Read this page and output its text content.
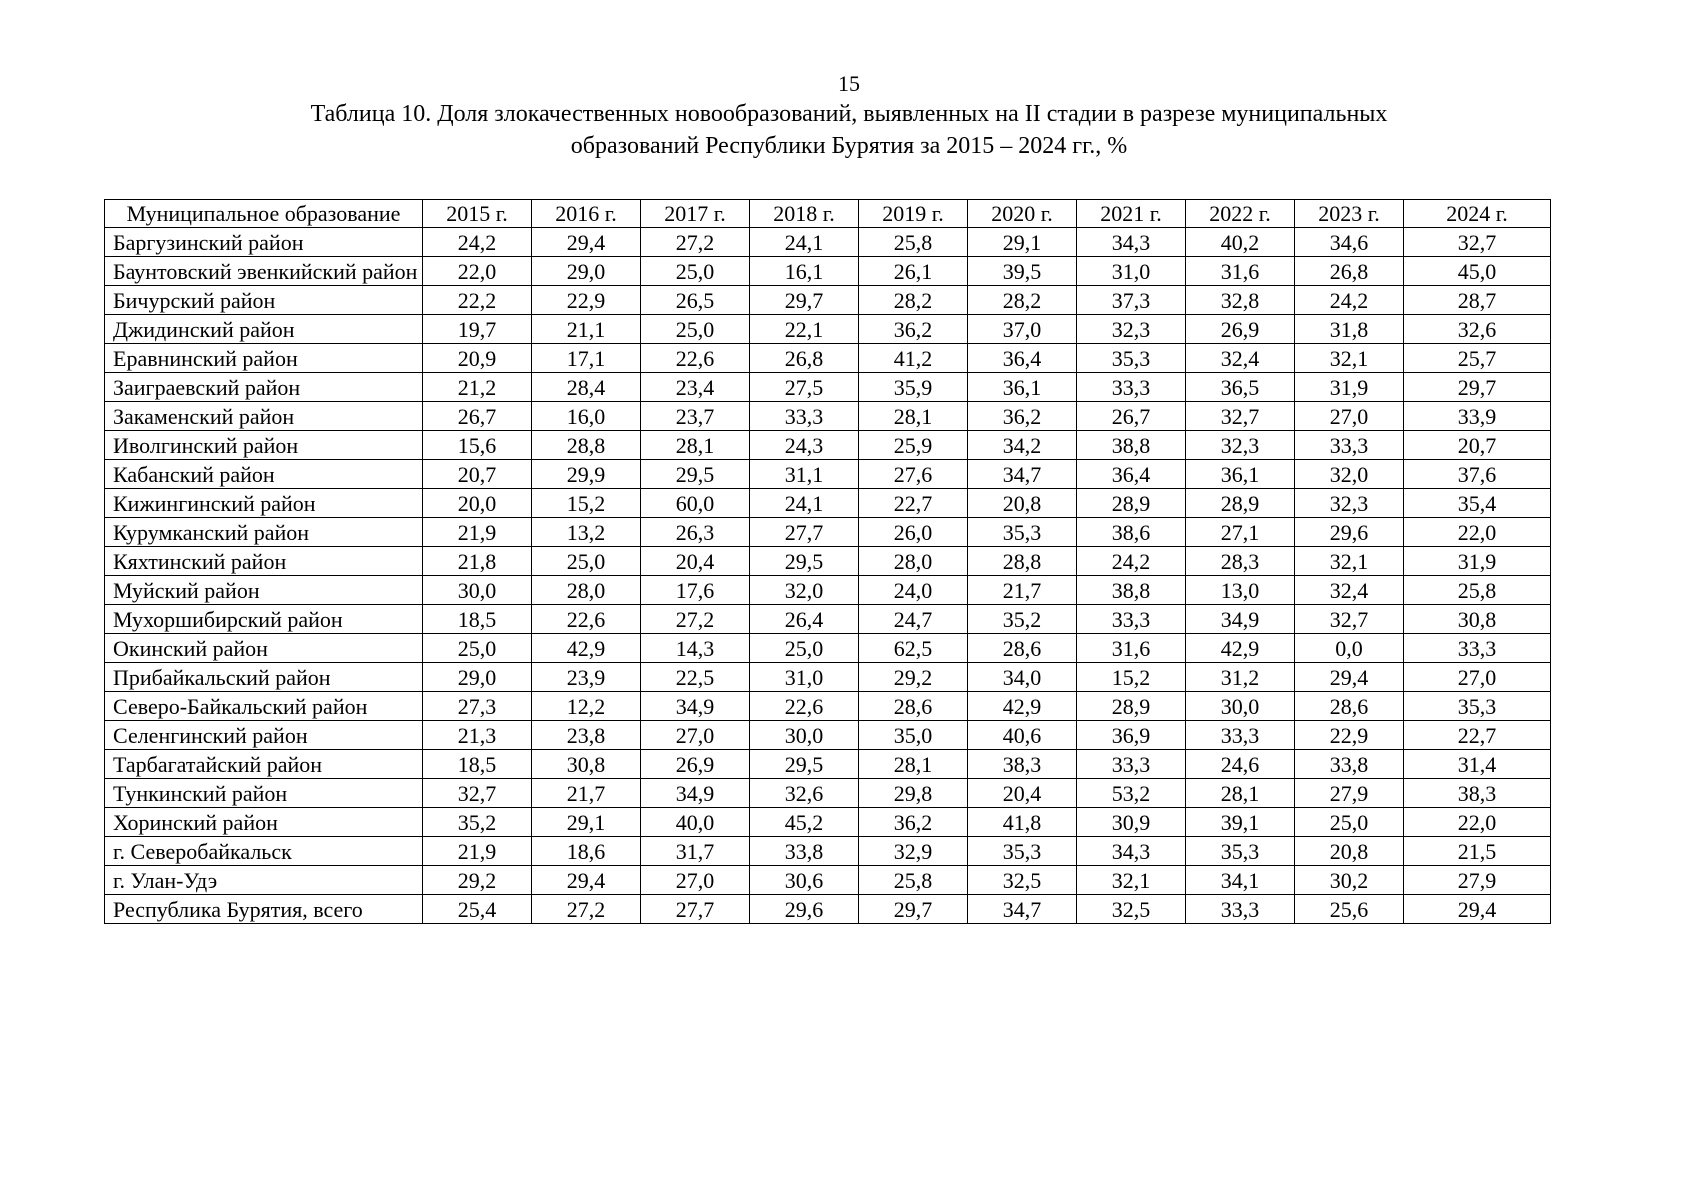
15
Таблица 10. Доля злокачественных новообразований, выявленных на II стадии в разрезе муниципальных
образований Республики Бурятия за 2015 – 2024 гг., %
Муниципальное образование	2015 г.	2016 г.	2017 г.	2018 г.	2019 г.	2020 г.	2021 г.	2022 г.	2023 г.	2024 г.
Баргузинский район	24,2	29,4	27,2	24,1	25,8	29,1	34,3	40,2	34,6	32,7
Баунтовский эвенкийский район	22,0	29,0	25,0	16,1	26,1	39,5	31,0	31,6	26,8	45,0
Бичурский район	22,2	22,9	26,5	29,7	28,2	28,2	37,3	32,8	24,2	28,7
Джидинский район	19,7	21,1	25,0	22,1	36,2	37,0	32,3	26,9	31,8	32,6
Еравнинский район	20,9	17,1	22,6	26,8	41,2	36,4	35,3	32,4	32,1	25,7
Заиграевский район	21,2	28,4	23,4	27,5	35,9	36,1	33,3	36,5	31,9	29,7
Закаменский район	26,7	16,0	23,7	33,3	28,1	36,2	26,7	32,7	27,0	33,9
Иволгинский район	15,6	28,8	28,1	24,3	25,9	34,2	38,8	32,3	33,3	20,7
Кабанский район	20,7	29,9	29,5	31,1	27,6	34,7	36,4	36,1	32,0	37,6
Кижингинский район	20,0	15,2	60,0	24,1	22,7	20,8	28,9	28,9	32,3	35,4
Курумканский район	21,9	13,2	26,3	27,7	26,0	35,3	38,6	27,1	29,6	22,0
Кяхтинский район	21,8	25,0	20,4	29,5	28,0	28,8	24,2	28,3	32,1	31,9
Муйский район	30,0	28,0	17,6	32,0	24,0	21,7	38,8	13,0	32,4	25,8
Мухоршибирский район	18,5	22,6	27,2	26,4	24,7	35,2	33,3	34,9	32,7	30,8
Окинский район	25,0	42,9	14,3	25,0	62,5	28,6	31,6	42,9	0,0	33,3
Прибайкальский район	29,0	23,9	22,5	31,0	29,2	34,0	15,2	31,2	29,4	27,0
Северо-Байкальский район	27,3	12,2	34,9	22,6	28,6	42,9	28,9	30,0	28,6	35,3
Селенгинский район	21,3	23,8	27,0	30,0	35,0	40,6	36,9	33,3	22,9	22,7
Тарбагатайский район	18,5	30,8	26,9	29,5	28,1	38,3	33,3	24,6	33,8	31,4
Тункинский район	32,7	21,7	34,9	32,6	29,8	20,4	53,2	28,1	27,9	38,3
Хоринский район	35,2	29,1	40,0	45,2	36,2	41,8	30,9	39,1	25,0	22,0
г. Северобайкальск	21,9	18,6	31,7	33,8	32,9	35,3	34,3	35,3	20,8	21,5
г. Улан-Удэ	29,2	29,4	27,0	30,6	25,8	32,5	32,1	34,1	30,2	27,9
Республика Бурятия, всего	25,4	27,2	27,7	29,6	29,7	34,7	32,5	33,3	25,6	29,4
